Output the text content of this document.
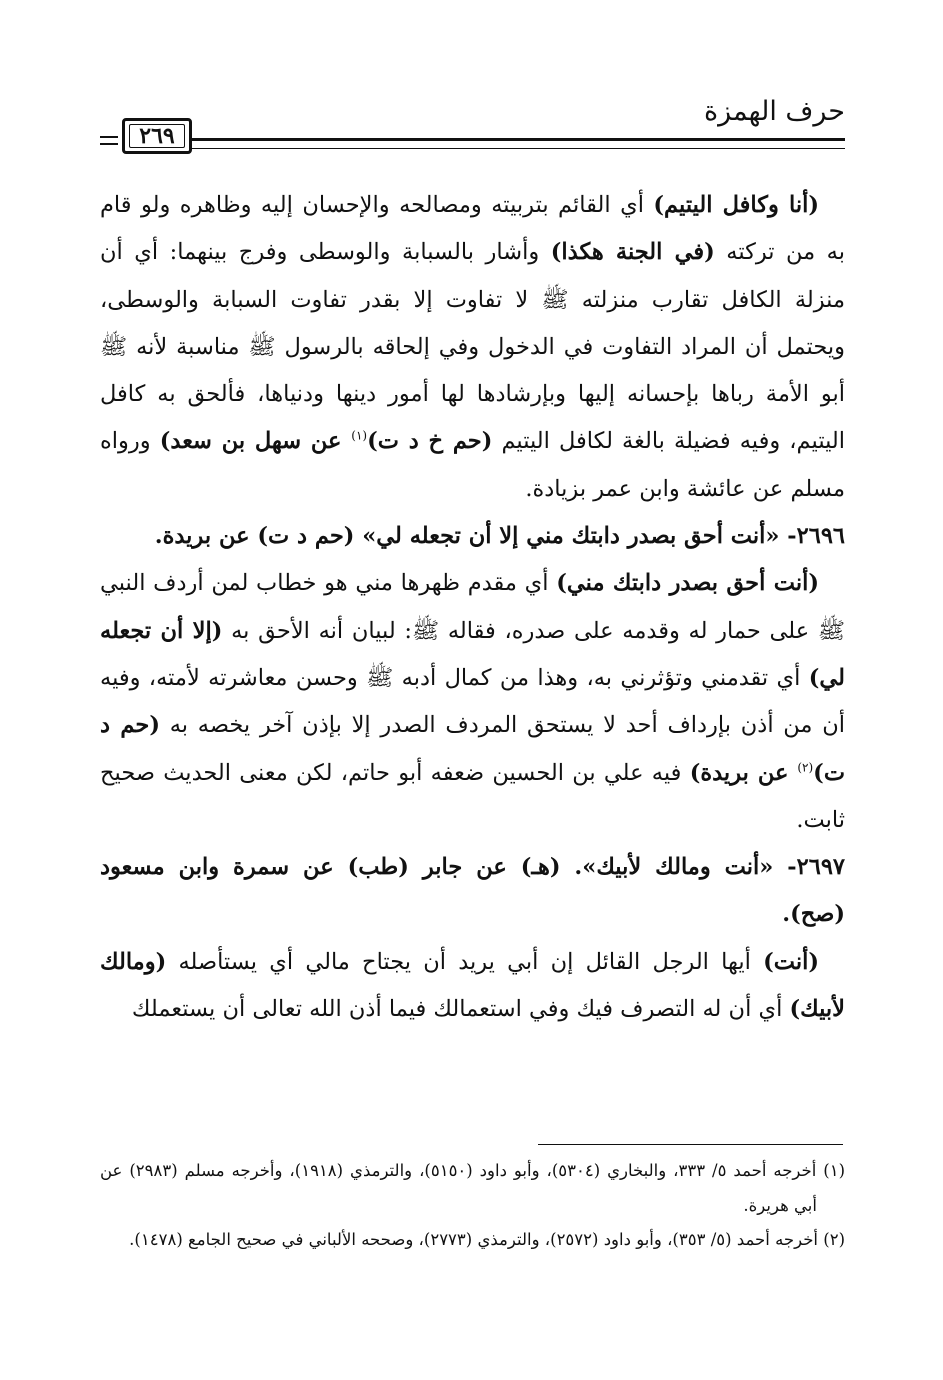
حرف الهمزة
٢٦٩

(أنا وكافل اليتيم) أي القائم بتربيته ومصالحه والإحسان إليه وظاهره ولو قام به من تركته (في الجنة هكذا) وأشار بالسبابة والوسطى وفرج بينهما: أي أن منزلة الكافل تقارب منزلته ﷺ لا تفاوت إلا بقدر تفاوت السبابة والوسطى، ويحتمل أن المراد التفاوت في الدخول وفي إلحاقه بالرسول ﷺ مناسبة لأنه ﷺ أبو الأمة رباها بإحسانه إليها وبإرشادها لها أمور دينها ودنياها، فألحق به كافل اليتيم، وفيه فضيلة بالغة لكافل اليتيم (حم خ د ت)$^{(١)}$ عن سهل بن سعد) ورواه مسلم عن عائشة وابن عمر بزيادة.

٢٦٩٦- «أنت أحق بصدر دابتك مني إلا أن تجعله لي» (حم د ت) عن بريدة.

(أنت أحق بصدر دابتك مني) أي مقدم ظهرها مني هو خطاب لمن أردف النبي ﷺ على حمار له وقدمه على صدره، فقاله ﷺ: لبيان أنه الأحق به (إلا أن تجعله لي) أي تقدمني وتؤثرني به، وهذا من كمال أدبه ﷺ وحسن معاشرته لأمته، وفيه أن من أذن بإرداف أحد لا يستحق المردف الصدر إلا بإذن آخر يخصه به (حم د ت)$^{(٢)}$ عن بريدة) فيه علي بن الحسين ضعفه أبو حاتم، لكن معنى الحديث صحيح ثابت.

٢٦٩٧- «أنت ومالك لأبيك». (هـ) عن جابر (طب) عن سمرة وابن مسعود (صح).

(أنت) أيها الرجل القائل إن أبي يريد أن يجتاح مالي أي يستأصله (ومالك لأبيك) أي أن له التصرف فيك وفي استعمالك فيما أذن الله تعالى أن يستعملك

(١) أخرجه أحمد ٥/ ٣٣٣، والبخاري (٥٣٠٤)، وأبو داود (٥١٥٠)، والترمذي (١٩١٨)، وأخرجه مسلم (٢٩٨٣) عن أبي هريرة.

(٢) أخرجه أحمد (٥/ ٣٥٣)، وأبو داود (٢٥٧٢)، والترمذي (٢٧٧٣)، وصححه الألباني في صحيح الجامع (١٤٧٨).
